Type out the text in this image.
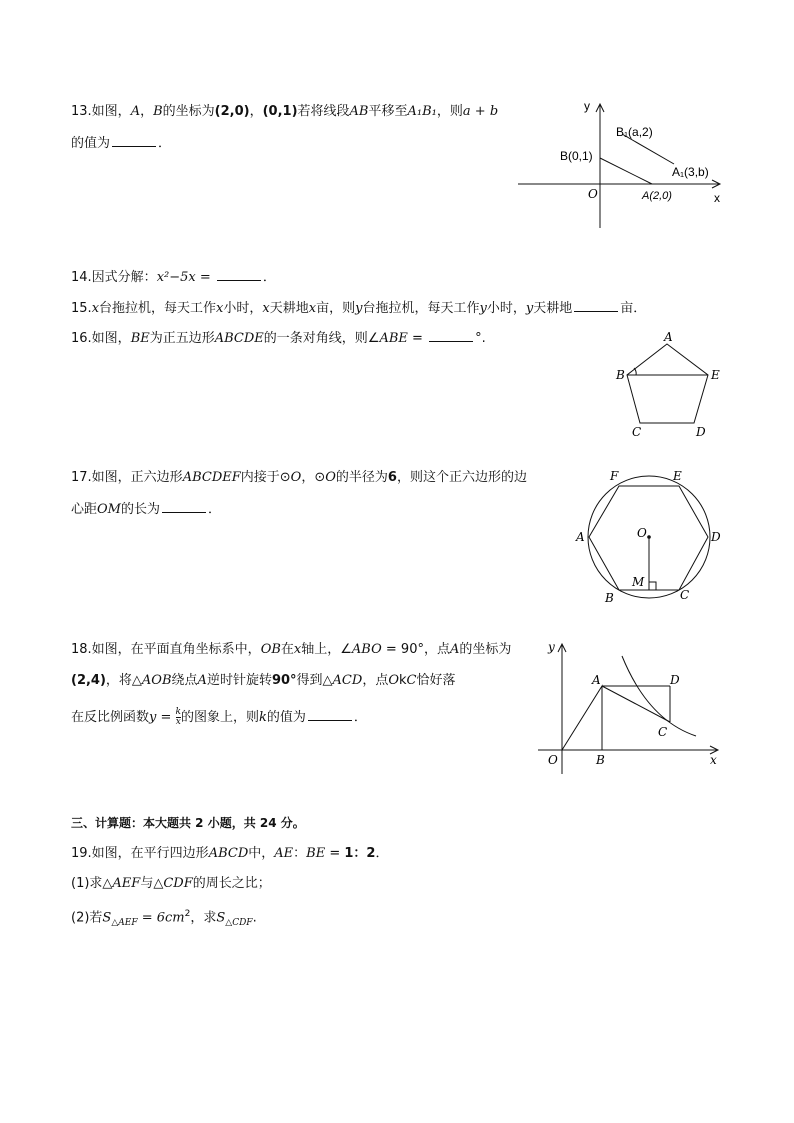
13.如图，A，B的坐标为(2,0)，(0,1)若将线段AB平移至A₁B₁，则a + b
的值为	．
y
x
O
B(0,1)
A(2,0)
B₁(a,2)
A₁(3,b)
14.因式分解：x²−5x =	．
15.x台拖拉机，每天工作x小时，x天耕地x亩，则y台拖拉机，每天工作y小时，y天耕地	亩．
16.如图，BE为正五边形ABCDE的一条对角线，则∠ABE =	°.	A
B
C	D
E
17.如图，正六边形ABCDEF内接于⊙O，⊙O的半径为6，则这个正六边形的边
心距OM的长为	．
F	E
A	D
B	C
O
M
18.如图，在平面直角坐标系中，OB在x轴上，∠ABO = 90°，点A的坐标为
(2,4)，将△AOB绕点A逆时针旋转90°得到△ACD，点OkC恰好落
在反比例函数$y = \frac{k}{x}$ 的图象上，则k的值为	．
y
x
O	B
A	D
C
三、计算题：本大题共 2 小题，共 24 分。
19.如图，在平行四边形ABCD中，AE：BE = 1：2．
(1)求△AEF与△CDF的周长之比；
(2)若$S_{\triangle AEF} = 6cm^2$，求$S_{\triangle CDF}$.
